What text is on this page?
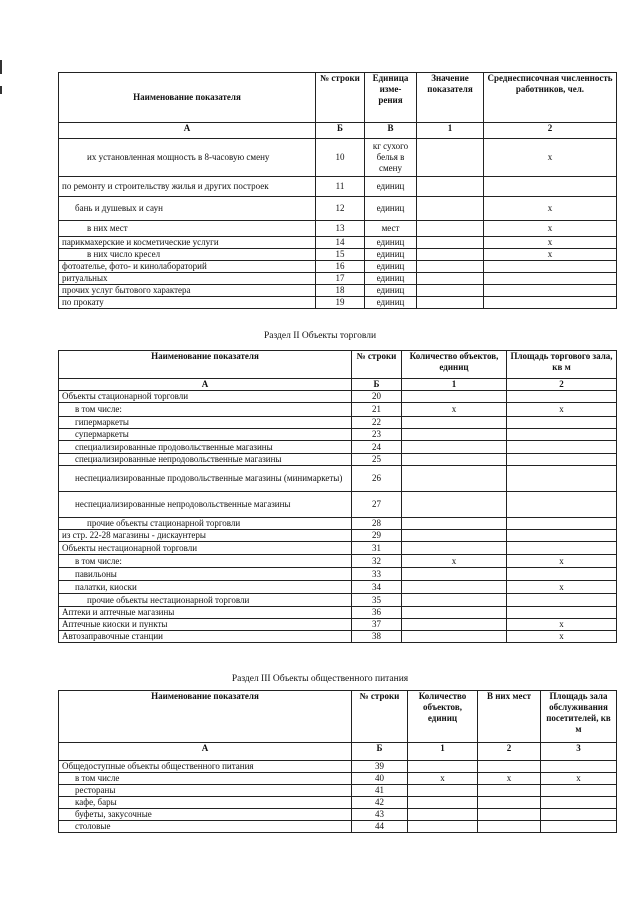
Наименование показателя	№ строки	Единица изме-рения	Значение показателя	Среднесписочная численность работников, чел.
А	Б	В	1	2
их установленная мощность в 8-часовую смену	10	кг сухого белья в смену		х
по ремонту и строительству жилья и других построек	11	единиц		
бань и душевых и саун	12	единиц		х
в них мест	13	мест		х
парикмахерские и косметические услуги	14	единиц		х
в них число кресел	15	единиц		х
фотоателье, фото- и кинолабораторий	16	единиц		
ритуальных	17	единиц		
прочих услуг бытового характера	18	единиц		
по прокату	19	единиц		
Раздел II Объекты торговли
Наименование показателя	№ строки	Количество объектов, единиц	Площадь торгового зала, кв м
А	Б	1	2
Объекты стационарной торговли	20		
в том числе:	21	х	х
гипермаркеты	22		
супермаркеты	23		
специализированные продовольственные магазины	24		
специализированные непродовольственные магазины	25		
неспециализированные продовольственные магазины (минимаркеты)	26		
неспециализированные непродовольственные магазины	27		
прочие объекты стационарной торговли	28		
из стр. 22-28 магазины - дискаунтеры	29		
Объекты нестационарной торговли	31		
в том числе:	32	х	х
павильоны	33		
палатки, киоски	34		х
прочие объекты нестационарной торговли	35		
Аптеки и аптечные магазины	36		
Аптечные киоски и пункты	37		х
Автозаправочные станции	38		х
Раздел III Объекты общественного питания
Наименование показателя	№ строки	Количество объектов, единиц	В них мест	Площадь зала обслуживания посетителей, кв м
А	Б	1	2	3
Общедоступные объекты общественного питания	39			
в том числе	40	х	х	х
рестораны	41			
кафе, бары	42			
буфеты, закусочные	43			
столовые	44			
